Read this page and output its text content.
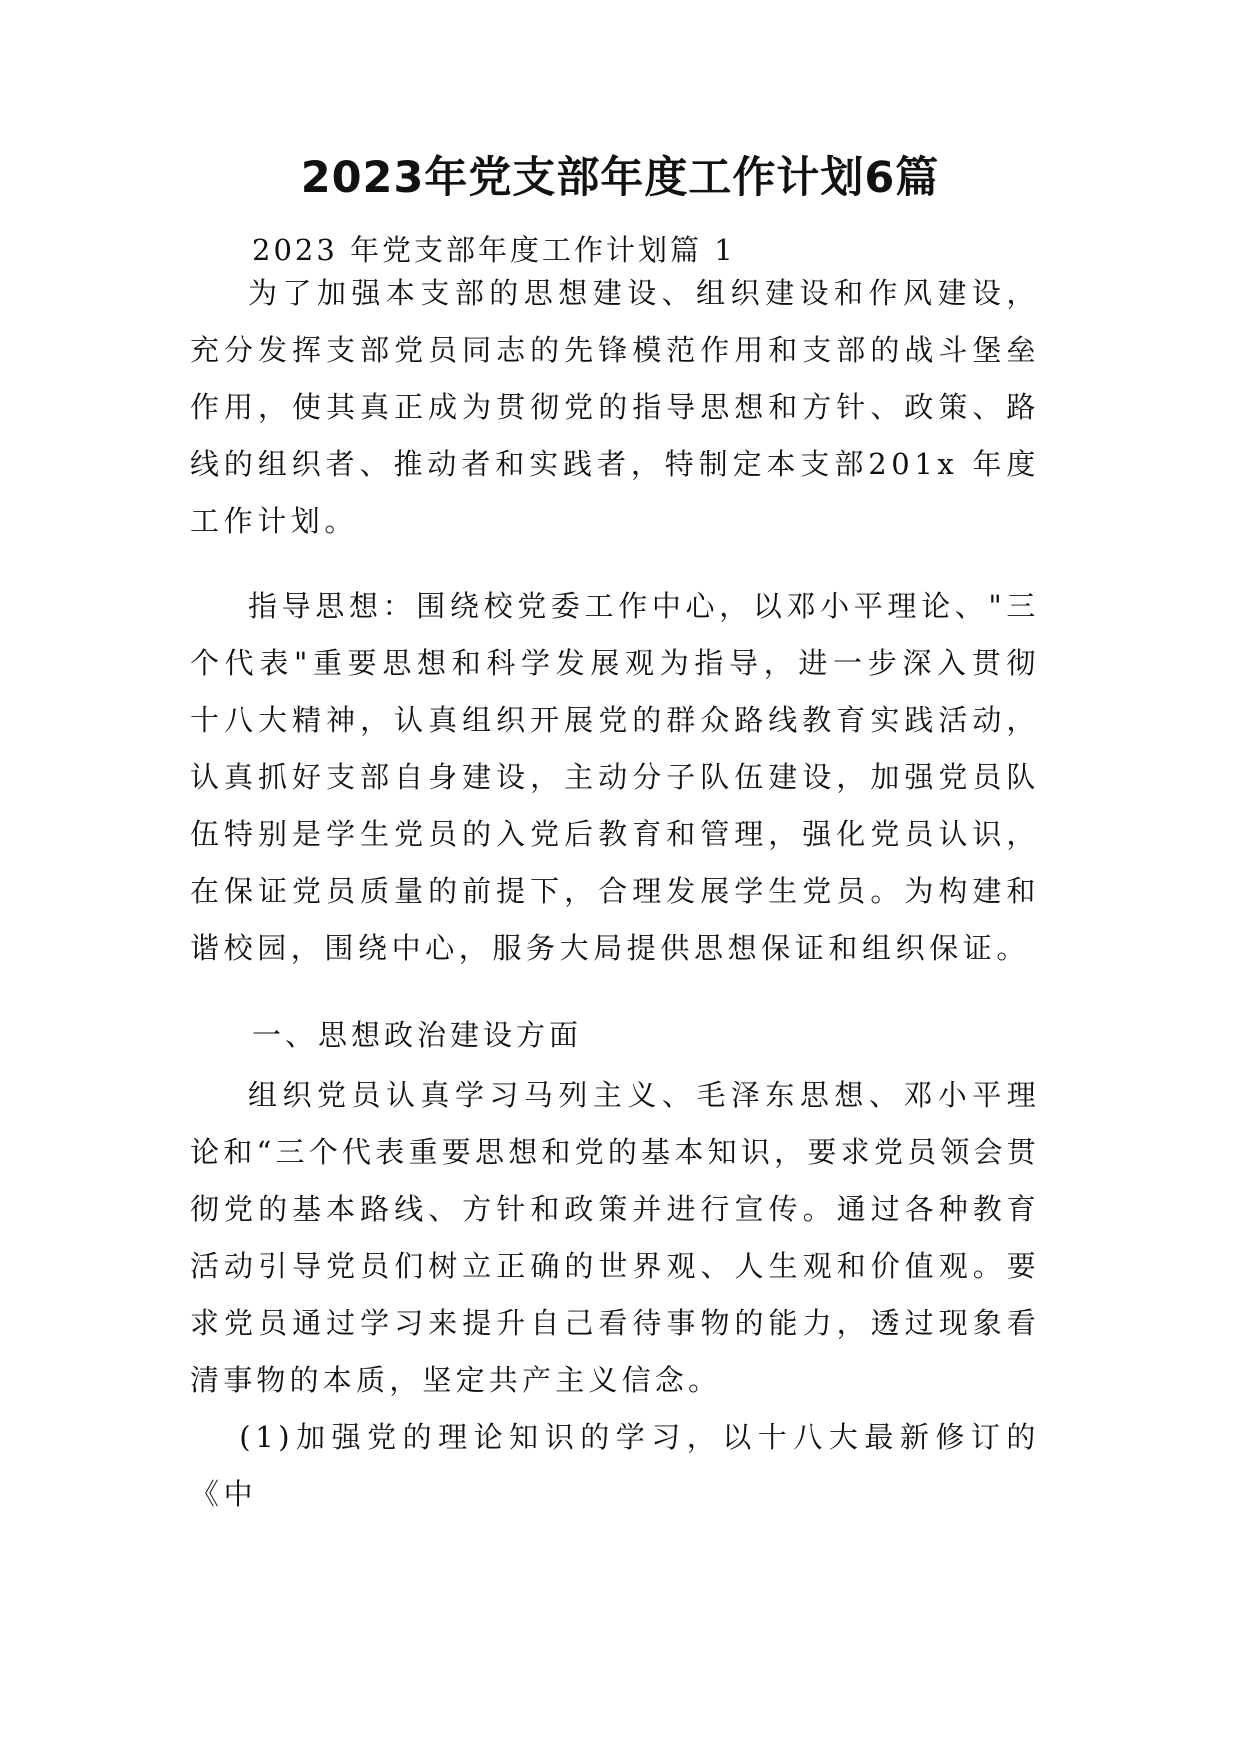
2023年党支部年度工作计划6篇
2023 年党支部年度工作计划篇 1

为了加强本支部的思想建设、组织建设和作风建设，充分发挥支部党员同志的先锋模范作用和支部的战斗堡垒作用，使其真正成为贯彻党的指导思想和方针、政策、路线的组织者、推动者和实践者，特制定本支部201x 年度工作计划。

指导思想：围绕校党委工作中心，以邓小平理论、"三个代表"重要思想和科学发展观为指导，进一步深入贯彻十八大精神，认真组织开展党的群众路线教育实践活动，认真抓好支部自身建设，主动分子队伍建设，加强党员队伍特别是学生党员的入党后教育和管理，强化党员认识，在保证党员质量的前提下，合理发展学生党员。为构建和谐校园，围绕中心，服务大局提供思想保证和组织保证。

一、思想政治建设方面

组织党员认真学习马列主义、毛泽东思想、邓小平理论和“三个代表重要思想和党的基本知识，要求党员领会贯彻党的基本路线、方针和政策并进行宣传。通过各种教育活动引导党员们树立正确的世界观、人生观和价值观。要求党员通过学习来提升自己看待事物的能力，透过现象看清事物的本质，坚定共产主义信念。

(1)加强党的理论知识的学习，以十八大最新修订的《中
